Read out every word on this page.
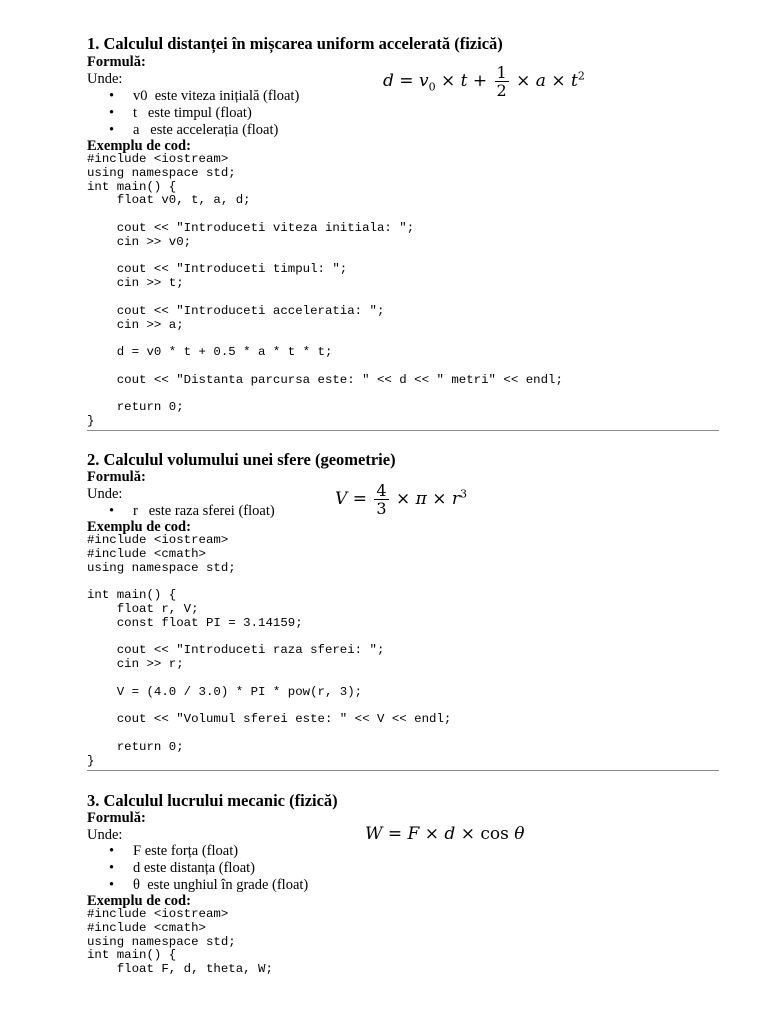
1. Calculul distanței în mișcarea uniform accelerată (fizică)
Formulă:
Unde:	$d = v_0 \times t + \frac{1}{2} \times a \times t^2$
• v0  este viteza inițială (float)
• t   este timpul (float)
• a   este accelerația (float)
Exemplu de cod:
#include <iostream>
using namespace std;
int main() {
float v0, t, a, d;

cout << "Introduceti viteza initiala: ";
cin >> v0;

cout << "Introduceti timpul: ";
cin >> t;

cout << "Introduceti acceleratia: ";
cin >> a;

d = v0 * t + 0.5 * a * t * t;

cout << "Distanta parcursa este: " << d << " metri" << endl;

return 0;
}
2. Calculul volumului unei sfere (geometrie)
Formulă:
Unde:	$V = \frac{4}{3} \times \pi \times r^3$
• r   este raza sferei (float)
Exemplu de cod:
#include <iostream>
#include <cmath>
using namespace std;

int main() {
float r, V;
const float PI = 3.14159;

cout << "Introduceti raza sferei: ";
cin >> r;

V = (4.0 / 3.0) * PI * pow(r, 3);

cout << "Volumul sferei este: " << V << endl;

return 0;
}
3. Calculul lucrului mecanic (fizică)
Formulă:
Unde:	W = F × d × cos θ
• F este forța (float)
• d este distanța (float)
• θ  este unghiul în grade (float)
Exemplu de cod:
#include <iostream>
#include <cmath>
using namespace std;
int main() {
float F, d, theta, W;
